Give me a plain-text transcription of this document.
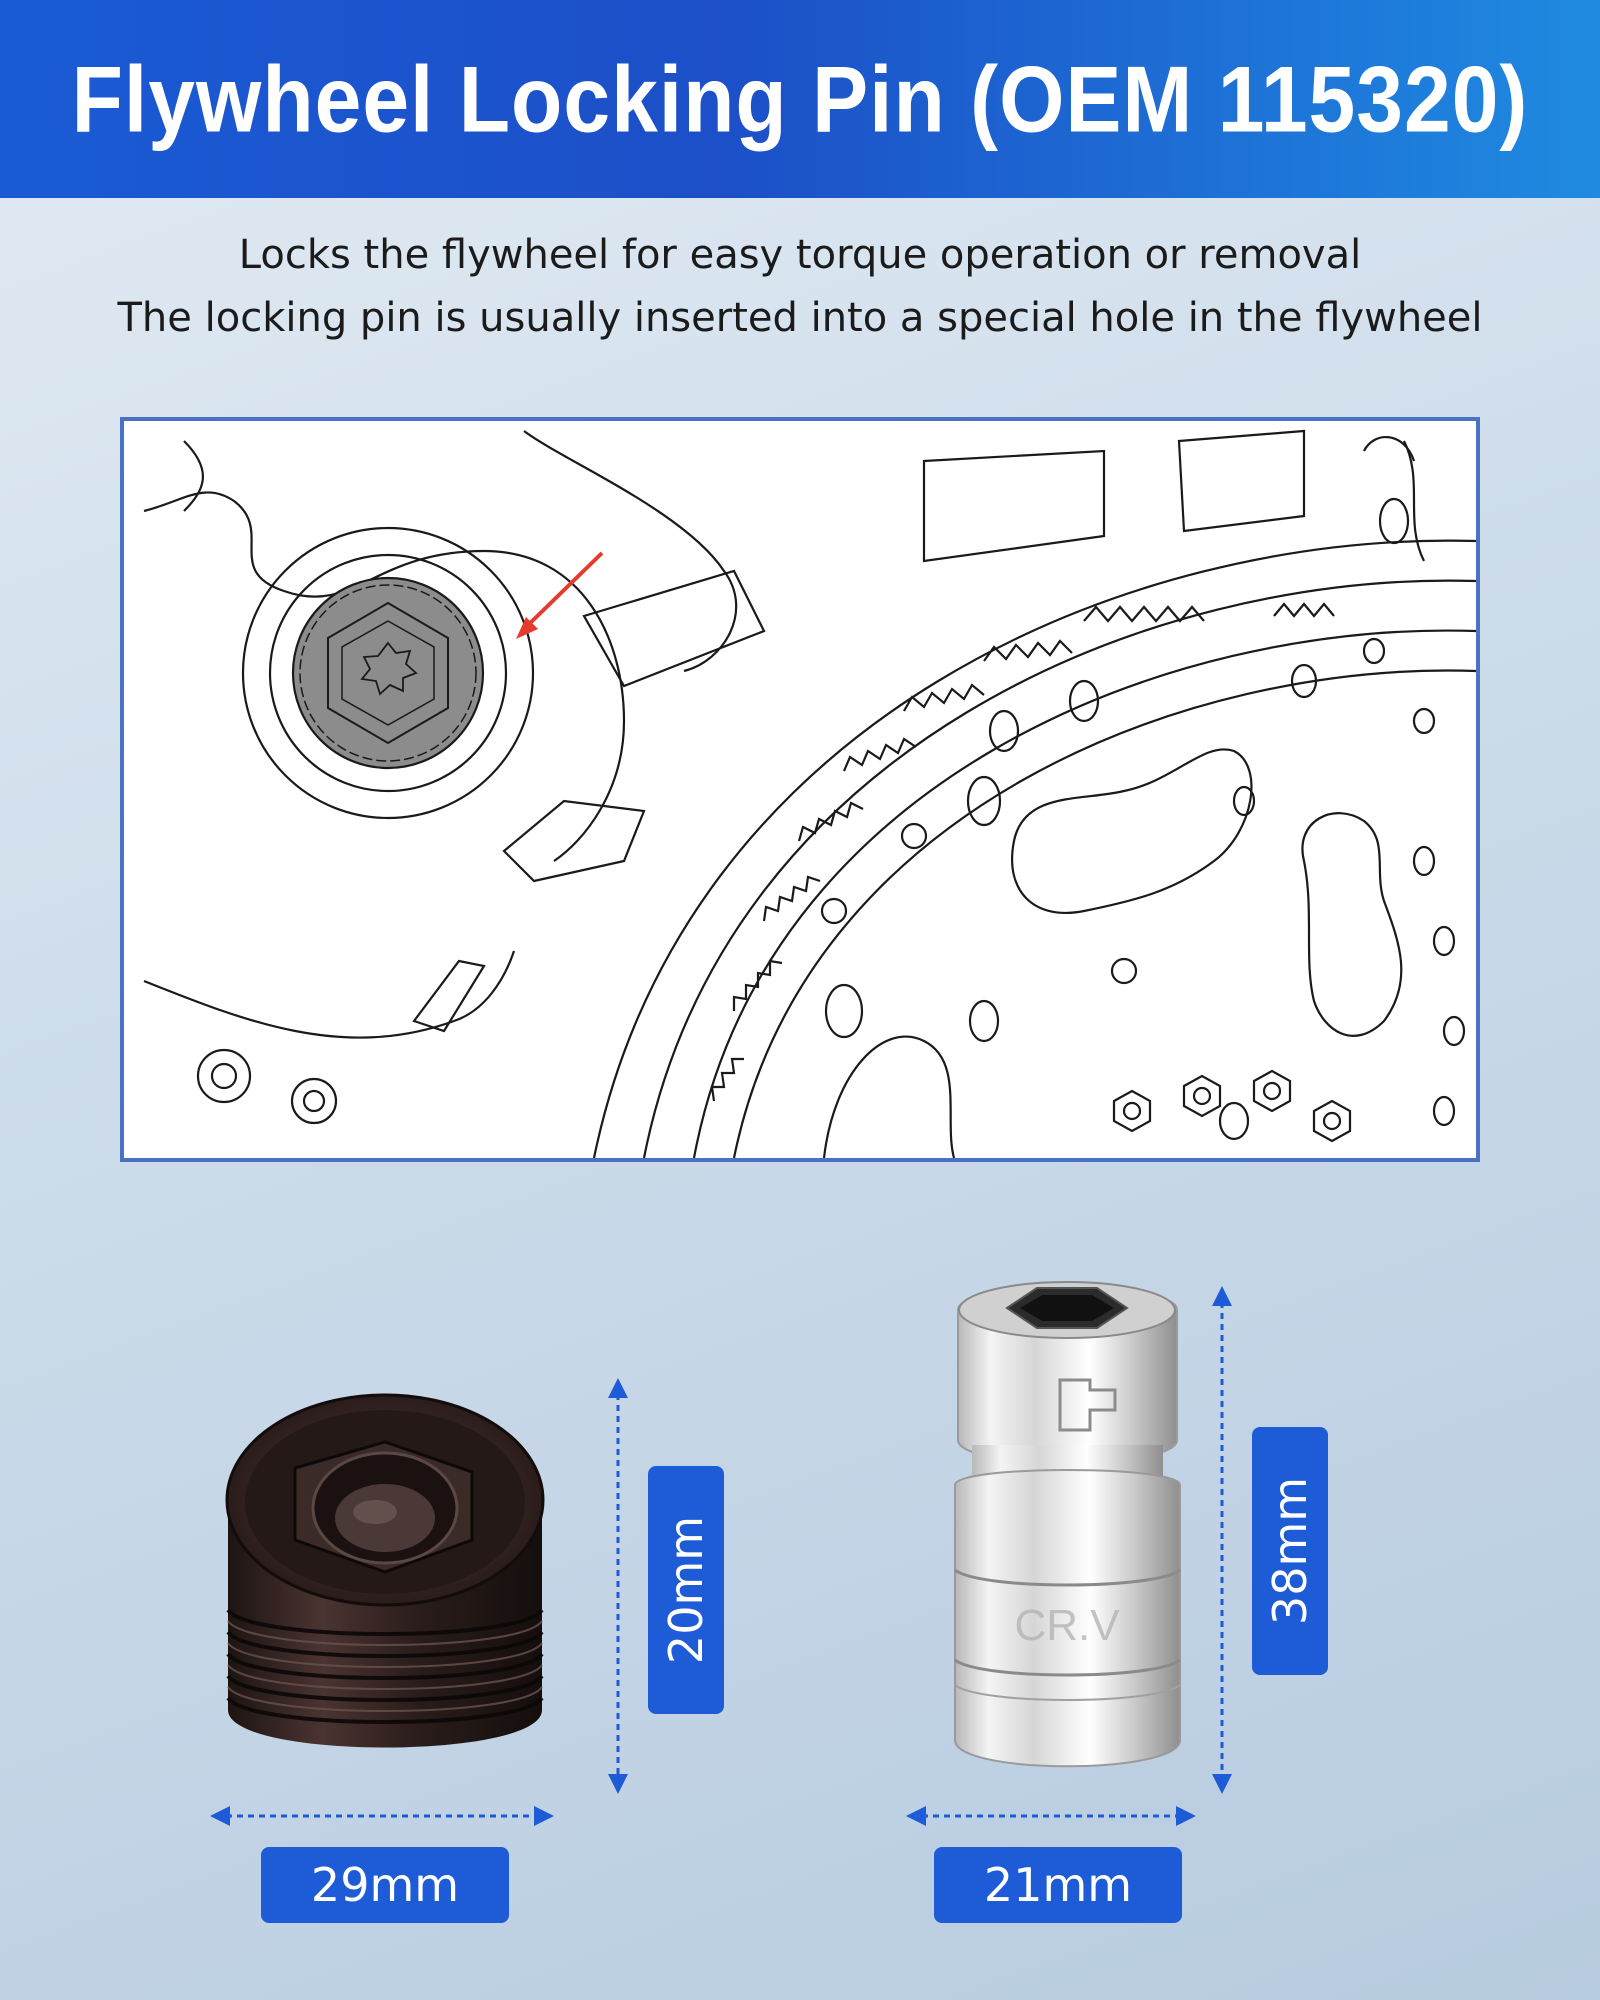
Flywheel Locking Pin (OEM 115320)
Locks the flywheel for easy torque operation or removal
The locking pin is usually inserted into a special hole in the flywheel
CR.V
20mm
29mm
38mm
21mm
